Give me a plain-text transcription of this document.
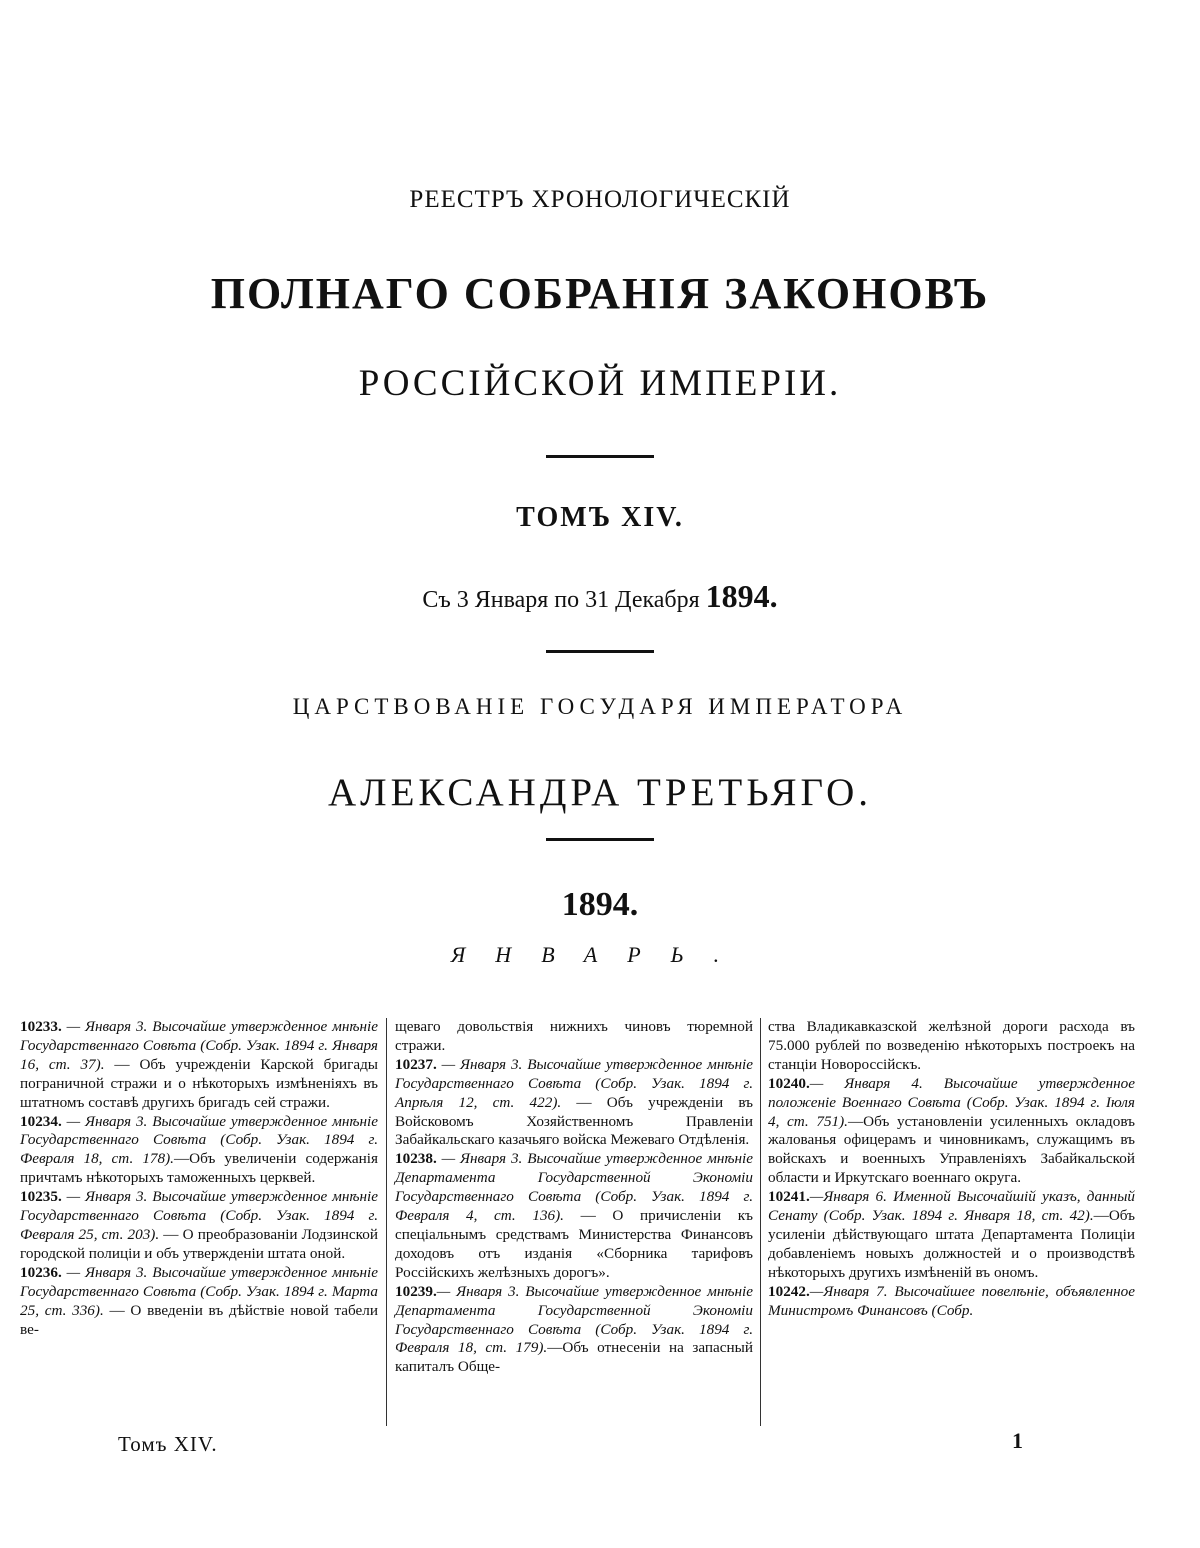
РЕЕСТРЪ ХРОНОЛОГИЧЕСКІЙ
ПОЛНАГО СОБРАНІЯ ЗАКОНОВЪ
РОССІЙСКОЙ ИМПЕРІИ.
ТОМЪ XIV.
Съ 3 Января по 31 Декабря 1894.
ЦАРСТВОВАНІЕ ГОСУДАРЯ ИМПЕРАТОРА
АЛЕКСАНДРА ТРЕТЬЯГО.
1894.
ЯНВАРЬ.

10233. — Января 3. Высочайше утвержденное мнѣніе Государственнаго Совѣта (Собр. Узак. 1894 г. Января 16, ст. 37). — Объ учрежденіи Карской бригады пограничной стражи и о нѣкоторыхъ измѣненіяхъ въ штатномъ составѣ другихъ бригадъ сей стражи.

10234. — Января 3. Высочайше утвержденное мнѣніе Государственнаго Совѣта (Собр. Узак. 1894 г. Февраля 18, ст. 178).—Объ увеличеніи содержанія причтамъ нѣкоторыхъ таможенныхъ церквей.

10235. — Января 3. Высочайше утвержденное мнѣніе Государственнаго Совѣта (Собр. Узак. 1894 г. Февраля 25, ст. 203). — О преобразованіи Лодзинской городской полиціи и объ утвержденіи штата оной.

10236. — Января 3. Высочайше утвержденное мнѣніе Государственнаго Совѣта (Собр. Узак. 1894 г. Марта 25, ст. 336). — О введеніи въ дѣйствіе новой табели ве-

щеваго довольствія нижнихъ чиновъ тюремной стражи.

10237. — Января 3. Высочайше утвержденное мнѣніе Государственнаго Совѣта (Собр. Узак. 1894 г. Апрѣля 12, ст. 422). — Объ учрежденіи въ Войсковомъ Хозяйственномъ Правленіи Забайкальскаго казачьяго войска Межеваго Отдѣленія.

10238. — Января 3. Высочайше утвержденное мнѣніе Департамента Государственной Экономіи Государственнаго Совѣта (Собр. Узак. 1894 г. Февраля 4, ст. 136). — О причисленіи къ спеціальнымъ средствамъ Министерства Финансовъ доходовъ отъ изданія «Сборника тарифовъ Россійскихъ желѣзныхъ дорогъ».

10239.— Января 3. Высочайше утвержденное мнѣніе Департамента Государственной Экономіи Государственнаго Совѣта (Собр. Узак. 1894 г. Февраля 18, ст. 179).—Объ отнесеніи на запасный капиталъ Обще-

ства Владикавказской желѣзной дороги расхода въ 75.000 рублей по возведенію нѣкоторыхъ построекъ на станціи Новороссійскъ.

10240.— Января 4. Высочайше утвержденное положеніе Военнаго Совѣта (Собр. Узак. 1894 г. Іюля 4, ст. 751).—Объ установленіи усиленныхъ окладовъ жалованья офицерамъ и чиновникамъ, служащимъ въ войскахъ и военныхъ Управленіяхъ Забайкальской области и Иркутскаго военнаго округа.

10241.—Января 6. Именной Высочайшій указъ, данный Сенату (Собр. Узак. 1894 г. Января 18, ст. 42).—Объ усиленіи дѣйствующаго штата Департамента Полиціи добавленіемъ новыхъ должностей и о производствѣ нѣкоторыхъ другихъ измѣненій въ ономъ.

10242.—Января 7. Высочайшее повелѣніе, объявленное Министромъ Финансовъ (Собр.

Томъ XIV.	1
